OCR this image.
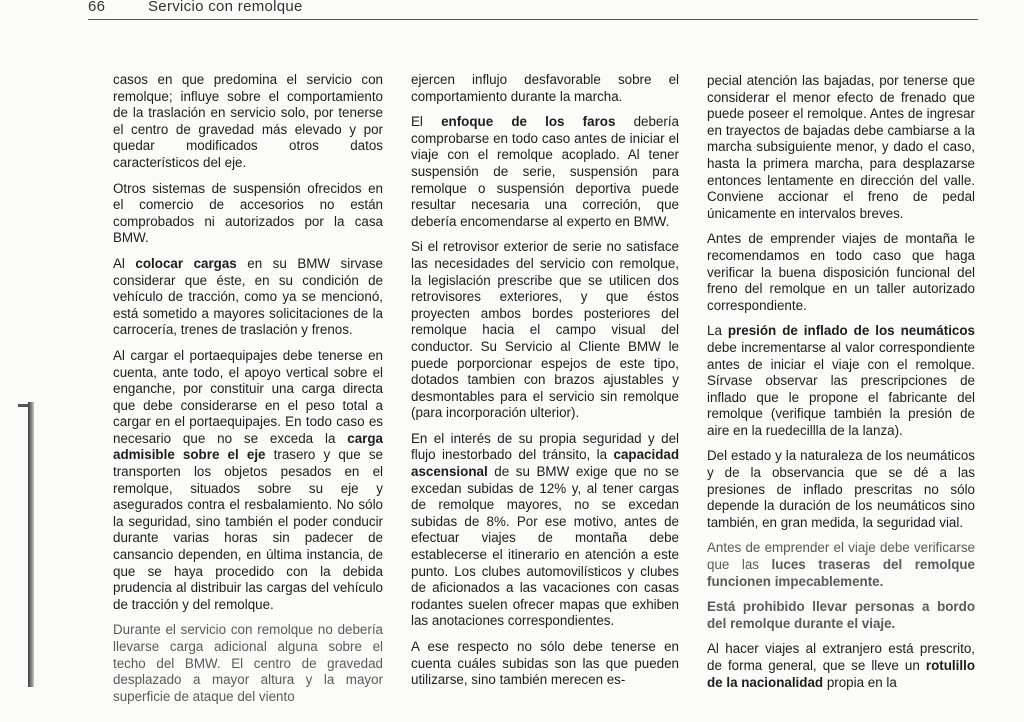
66	Servicio con remolque

casos en que predomina el servicio con remolque; influye sobre el comportamiento de la traslación en servicio solo, por tenerse el centro de gravedad más elevado y por quedar modificados otros datos característicos del eje.

Otros sistemas de suspensión ofrecidos en el comercio de accesorios no están comprobados ni autorizados por la casa BMW.

Al colocar cargas en su BMW sirvase considerar que éste, en su condición de vehículo de tracción, como ya se mencionó, está sometido a mayores solicitaciones de la carrocería, trenes de traslación y frenos.

Al cargar el portaequipajes debe tenerse en cuenta, ante todo, el apoyo vertical sobre el enganche, por constituir una carga directa que debe considerarse en el peso total a cargar en el portaequipajes. En todo caso es necesario que no se exceda la carga admisible sobre el eje trasero y que se transporten los objetos pesados en el remolque, situados sobre su eje y asegurados contra el resbalamiento. No sólo la seguridad, sino también el poder conducir durante varias horas sin padecer de cansancio dependen, en última instancia, de que se haya procedido con la debida prudencia al distribuir las cargas del vehículo de tracción y del remolque.

Durante el servicio con remolque no debería llevarse carga adicional alguna sobre el techo del BMW. El centro de gravedad desplazado a mayor altura y la mayor superficie de ataque del viento

ejercen influjo desfavorable sobre el comportamiento durante la marcha.

El enfoque de los faros debería comprobarse en todo caso antes de iniciar el viaje con el remolque acoplado. Al tener suspensión de serie, suspensión para remolque o suspensión deportiva puede resultar necesaria una correción, que debería encomendarse al experto en BMW.

Si el retrovisor exterior de serie no satisface las necesidades del servicio con remolque, la legislación prescribe que se utilicen dos retrovisores exteriores, y que éstos proyecten ambos bordes posteriores del remolque hacia el campo visual del conductor. Su Servicio al Cliente BMW le puede porporcionar espejos de este tipo, dotados tambien con brazos ajustables y desmontables para el servicio sin remolque (para incorporación ulterior).

En el interés de su propia seguridad y del flujo inestorbado del tránsito, la capacidad ascensional de su BMW exige que no se excedan subidas de 12% y, al tener cargas de remolque mayores, no se excedan subidas de 8%. Por ese motivo, antes de efectuar viajes de montaña debe establecerse el itinerario en atención a este punto. Los clubes automovilísticos y clubes de aficionados a las vacaciones con casas rodantes suelen ofrecer mapas que exhiben las anotaciones correspondientes.

A ese respecto no sólo debe tenerse en cuenta cuáles subidas son las que pueden utilizarse, sino también merecen es-

pecial atención las bajadas, por tenerse que considerar el menor efecto de frenado que puede poseer el remolque. Antes de ingresar en trayectos de bajadas debe cambiarse a la marcha subsiguiente menor, y dado el caso, hasta la primera marcha, para desplazarse entonces lentamente en dirección del valle. Conviene accionar el freno de pedal únicamente en intervalos breves.

Antes de emprender viajes de montaña le recomendamos en todo caso que haga verificar la buena disposición funcional del freno del remolque en un taller autorizado correspondiente.

La presión de inflado de los neumáticos debe incrementarse al valor correspondiente antes de iniciar el viaje con el remolque. Sírvase observar las prescripciones de inflado que le propone el fabricante del remolque (verifique también la presión de aire en la ruedecillla de la lanza).

Del estado y la naturaleza de los neumáticos y de la observancia que se dé a las presiones de inflado prescritas no sólo depende la duración de los neumáticos sino también, en gran medida, la seguridad vial.

Antes de emprender el viaje debe verificarse que las luces traseras del remolque funcionen impecablemente.

Está prohibido llevar personas a bordo del remolque durante el viaje.

Al hacer viajes al extranjero está prescrito, de forma general, que se lleve un rotulillo de la nacionalidad propia en la
